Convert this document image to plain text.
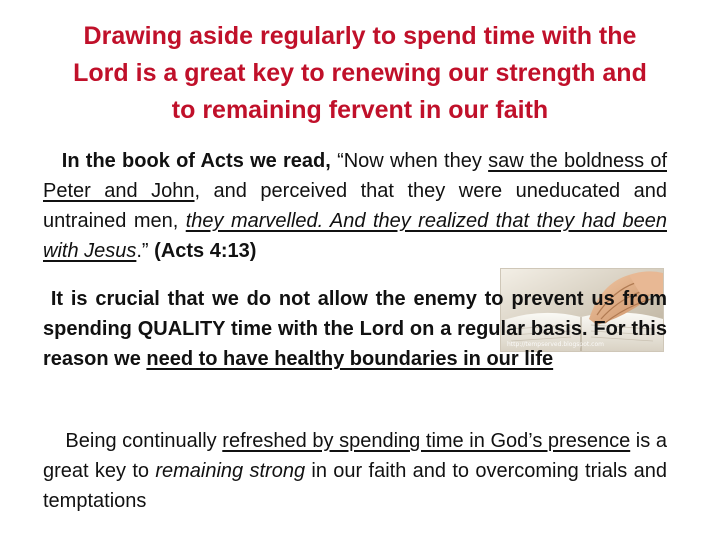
Drawing aside regularly to spend time with the
Lord is a great key to renewing our strength and
to remaining fervent in our faith
In the book of Acts we read, “Now when they saw the boldness of Peter and John, and perceived that they were uneducated and untrained men, they marvelled. And they realized that they had been with Jesus.” (Acts 4:13)
http://tempserved.blogspot.com
It is crucial that we do not allow the enemy to prevent us from spending QUALITY time with the Lord on a regular basis. For this reason we need to have healthy boundaries in our life
Being continually refreshed by spending time in God’s presence is a great key to remaining strong in our faith and to overcoming trials and temptations
